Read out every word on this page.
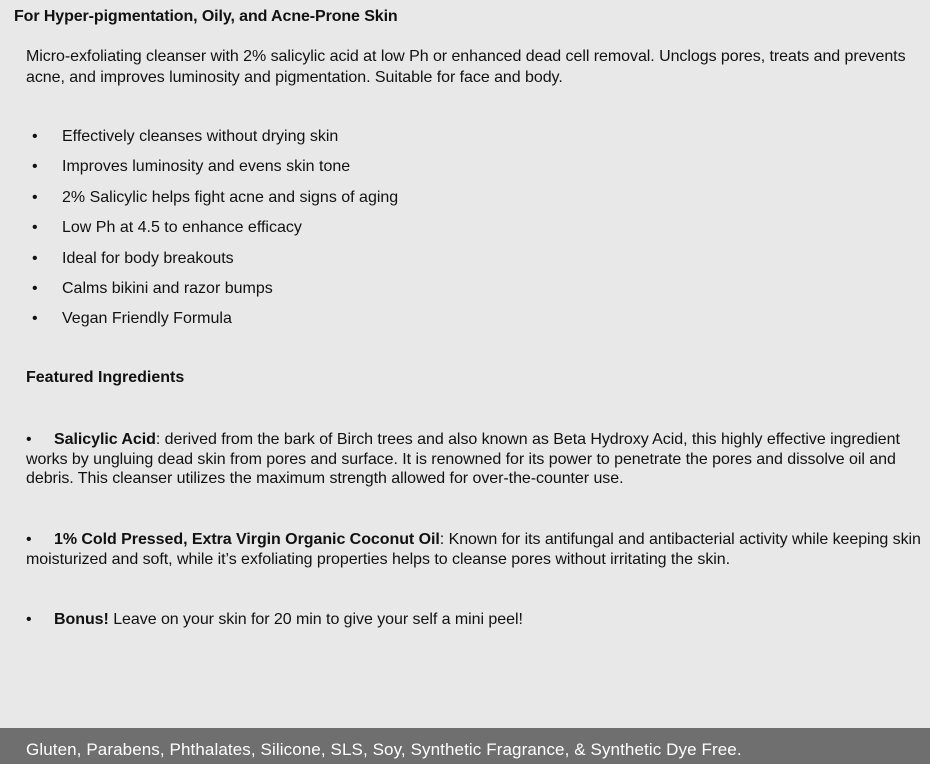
For Hyper-pigmentation, Oily, and Acne-Prone Skin
Micro-exfoliating cleanser with 2% salicylic acid at low Ph or enhanced dead cell removal. Unclogs pores, treats and prevents acne, and improves luminosity and pigmentation. Suitable for face and body.
• Effectively cleanses without drying skin
• Improves luminosity and evens skin tone
• 2% Salicylic helps fight acne and signs of aging
• Low Ph at 4.5 to enhance efficacy
• Ideal for body breakouts
• Calms bikini and razor bumps
• Vegan Friendly Formula
Featured Ingredients
• Salicylic Acid: derived from the bark of Birch trees and also known as Beta Hydroxy Acid, this highly effective ingredient works by ungluing dead skin from pores and surface. It is renowned for its power to penetrate the pores and dissolve oil and debris. This cleanser utilizes the maximum strength allowed for over-the-counter use.
• 1% Cold Pressed, Extra Virgin Organic Coconut Oil: Known for its antifungal and antibacterial activity while keeping skin moisturized and soft, while it’s exfoliating properties helps to cleanse pores without irritating the skin.
• Bonus! Leave on your skin for 20 min to give your self a mini peel!
Gluten, Parabens, Phthalates, Silicone, SLS, Soy, Synthetic Fragrance, & Synthetic Dye Free.
